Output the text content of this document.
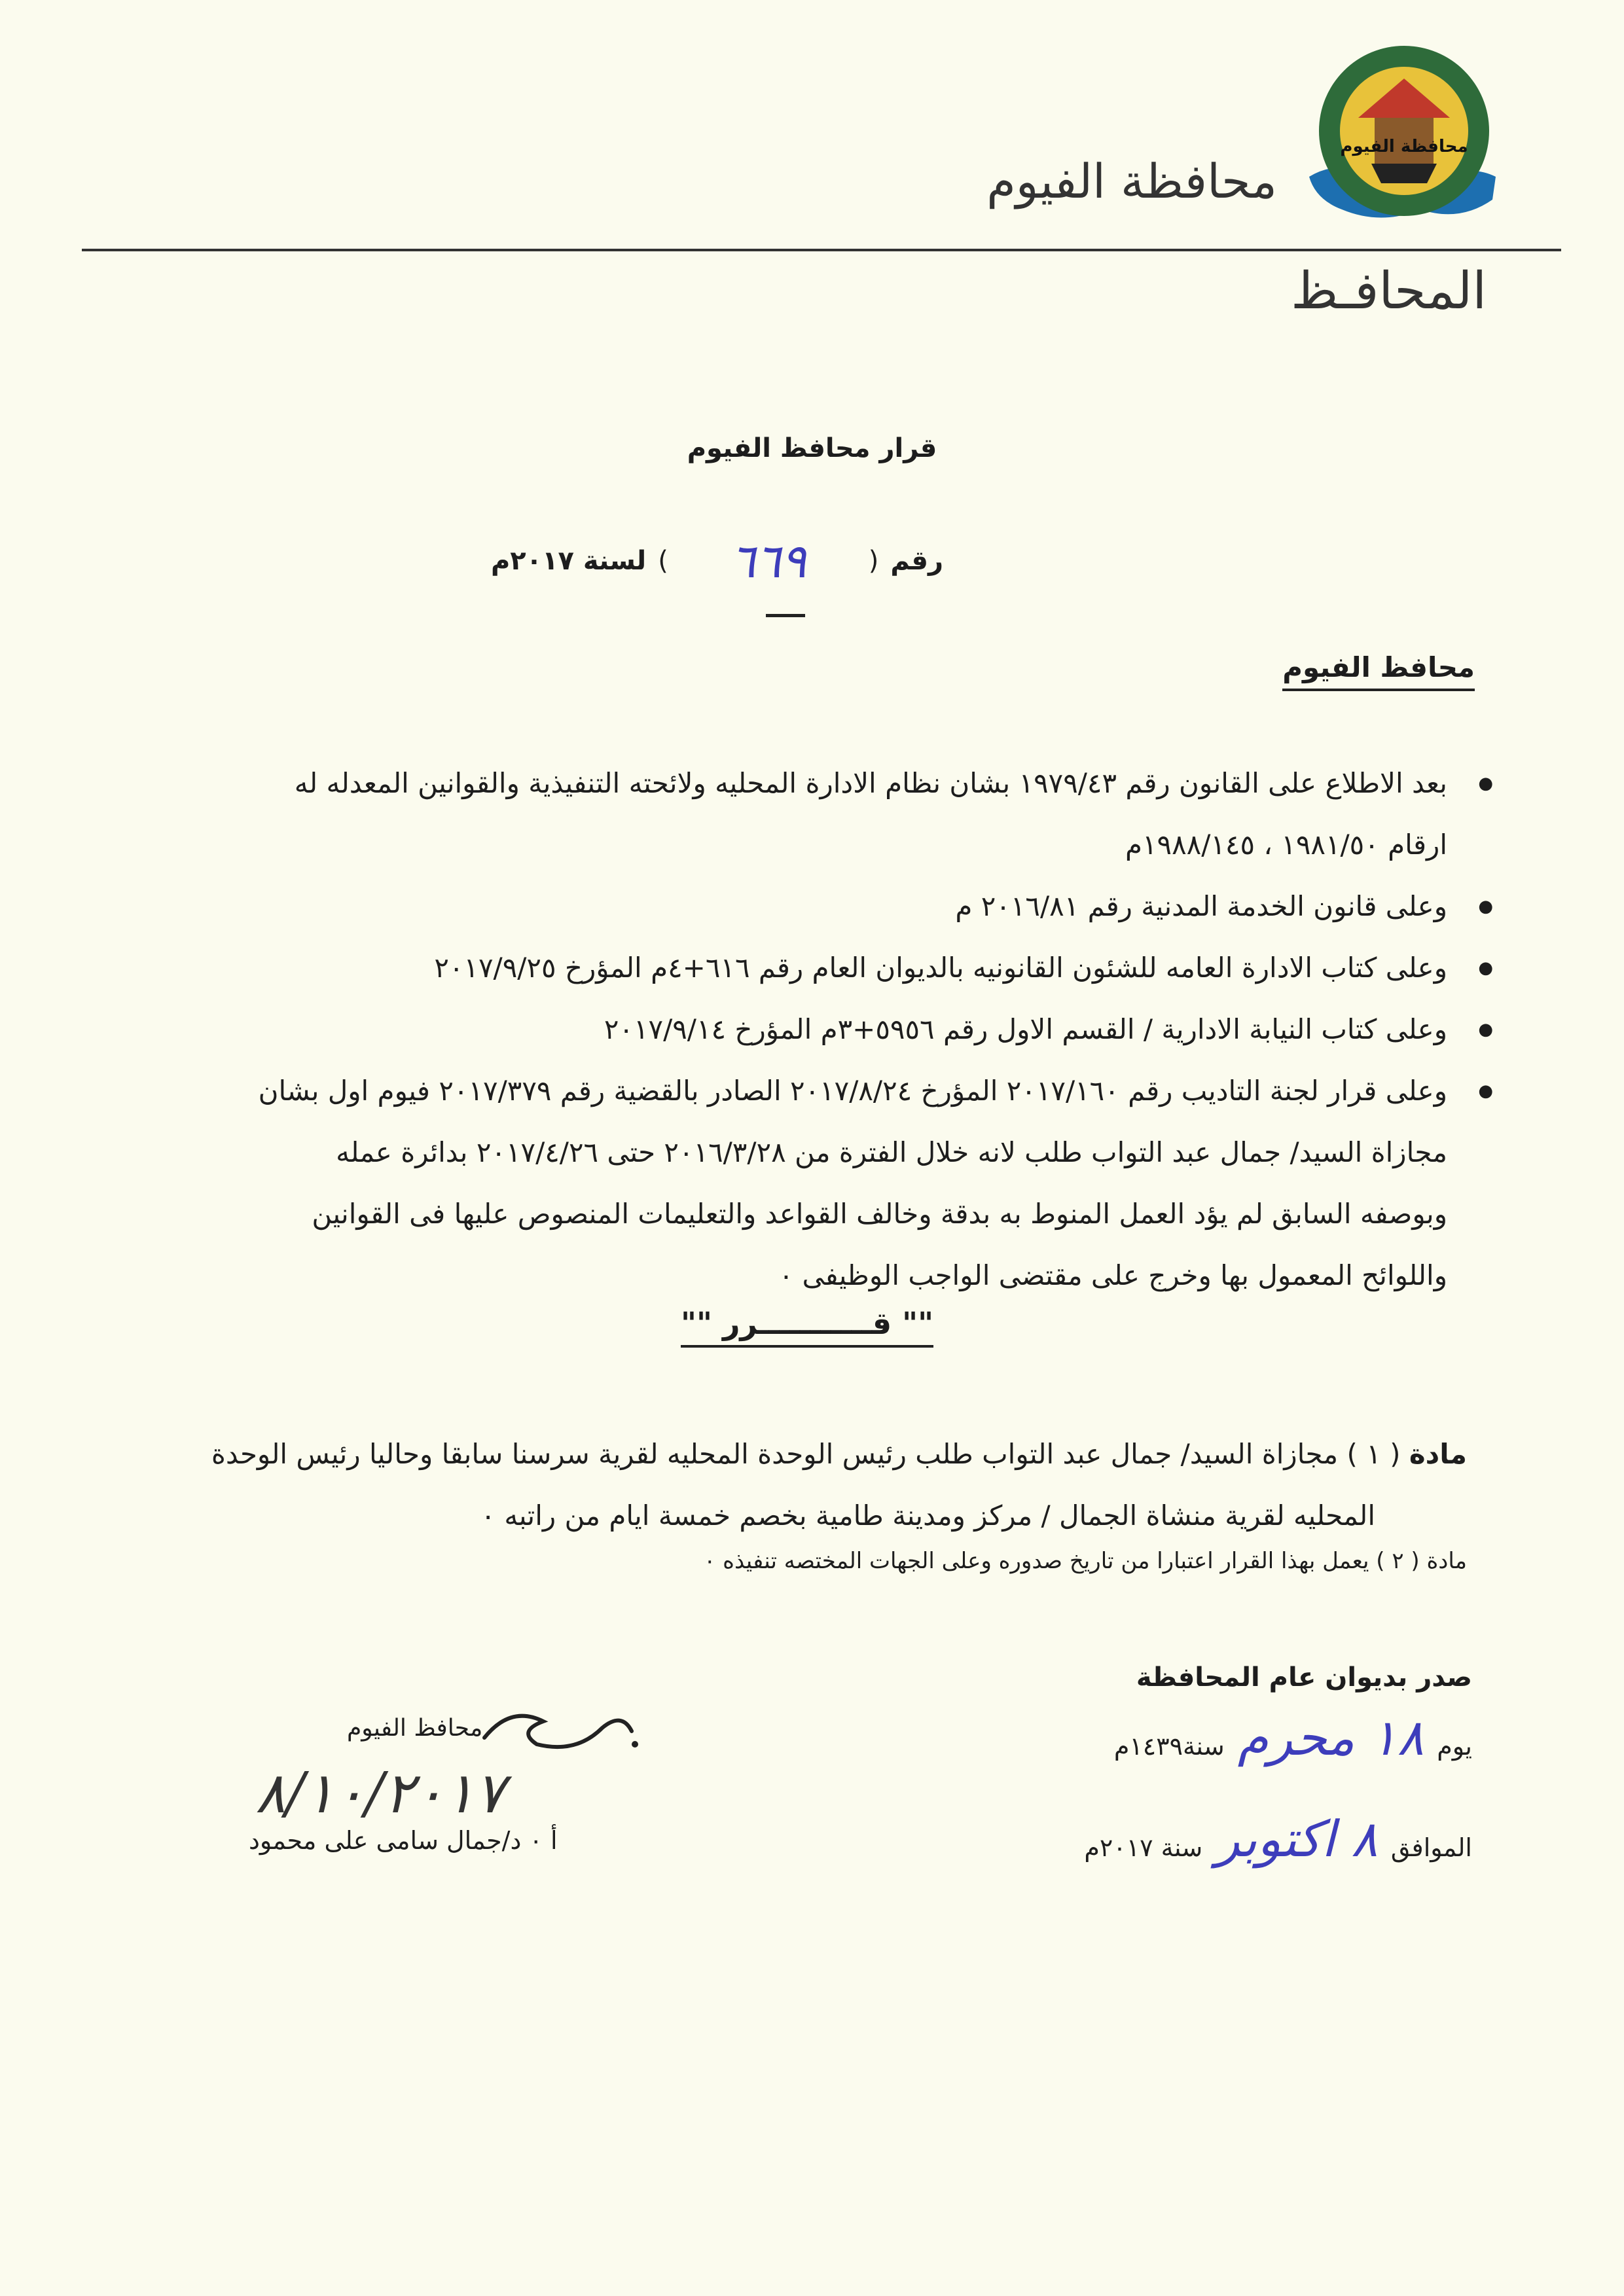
محافظة الفيوم
محافظة الفيوم
المحافـظ
قرار محافظ الفيوم
رقم
(
٦٦٩
)
لسنة ٢٠١٧م
محافظ الفيوم
● بعد الاطلاع على القانون رقم ١٩٧٩/٤٣ بشان نظام الادارة المحليه ولائحته التنفيذية والقوانين المعدله له
ارقام ١٩٨١/٥٠ ، ١٩٨٨/١٤٥م
● وعلى قانون الخدمة المدنية رقم ٢٠١٦/٨١ م
● وعلى كتاب الادارة العامه للشئون القانونيه بالديوان العام رقم ٦١٦+٤م المؤرخ ٢٠١٧/٩/٢٥
● وعلى كتاب النيابة الادارية / القسم الاول رقم ٥٩٥٦+٣م المؤرخ ٢٠١٧/٩/١٤
● وعلى قرار لجنة التاديب رقم ٢٠١٧/١٦٠ المؤرخ ٢٠١٧/٨/٢٤ الصادر بالقضية رقم ٢٠١٧/٣٧٩ فيوم اول بشان
مجازاة السيد/ جمال عبد التواب طلب لانه خلال الفترة من ٢٠١٦/٣/٢٨ حتى ٢٠١٧/٤/٢٦ بدائرة عمله
وبوصفه السابق لم يؤد العمل المنوط به بدقة وخالف القواعد والتعليمات المنصوص عليها فى القوانين
واللوائح المعمول بها وخرج على مقتضى الواجب الوظيفى ٠
"" قـــــــــــرر ""
مادة ( ١ ) مجازاة السيد/ جمال عبد التواب طلب رئيس الوحدة المحليه لقرية سرسنا سابقا وحاليا رئيس الوحدة
المحليه لقرية منشاة الجمال / مركز ومدينة طامية بخصم خمسة ايام من راتبه ٠
مادة ( ٢ ) يعمل بهذا القرار اعتبارا من تاريخ صدوره وعلى الجهات المختصه تنفيذه ٠
صدر بديوان عام المحافظة
يوم
١٨ محرم
سنة١٤٣٩م
الموافق
٨ اكتوبر
سنة ٢٠١٧م
محافظ الفيوم
٨/١٠/٢٠١٧
أ ٠ د/جمال سامى على محمود
